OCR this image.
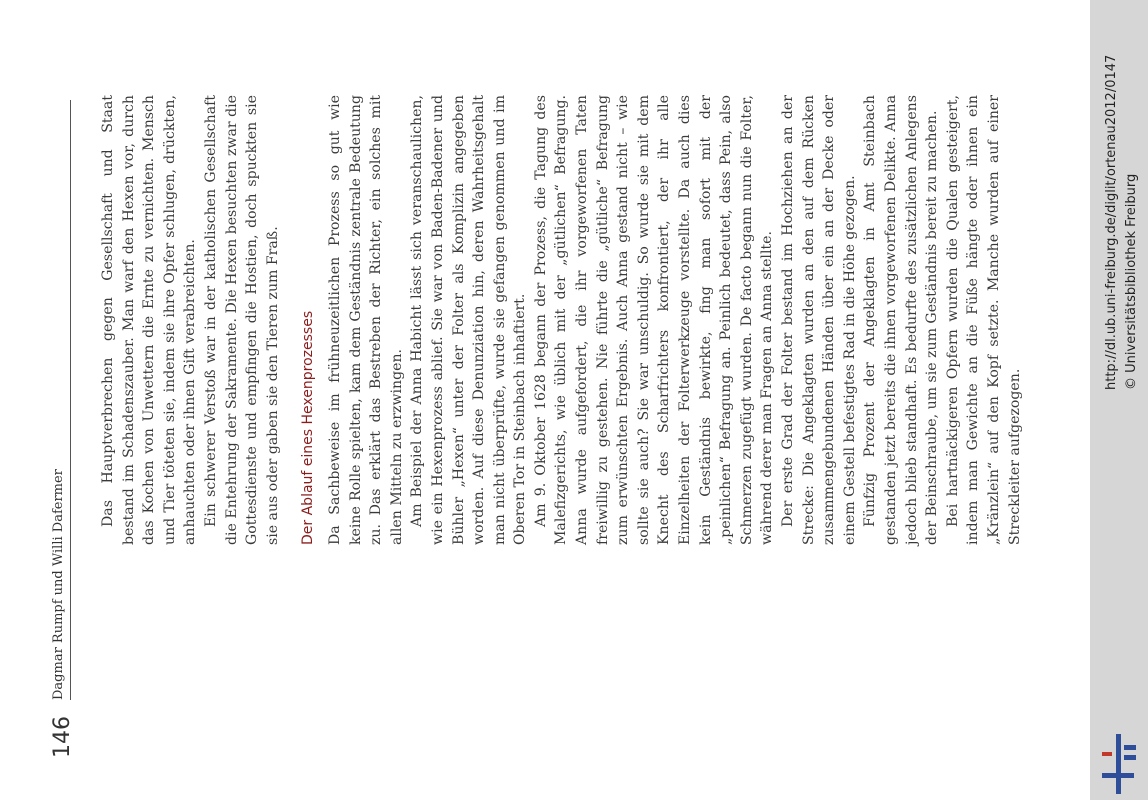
146
Dagmar Rumpf und Willi Dafermer

Das Hauptverbrechen gegen Gesellschaft und Staat bestand im Schadenszauber. Man warf den Hexen vor, durch das Kochen von Unwettern die Ernte zu vernichten. Mensch und Tier töteten sie, indem sie ihre Opfer schlugen, drückten, anhauchten oder ihnen Gift verabreichten. Ein schwerer Verstoß war in der katholischen Gesellschaft die Entehrung der Sakramente. Die Hexen besuchten zwar die Gottesdienste und empfingen die Hostien, doch spuckten sie sie aus oder gaben sie den Tieren zum Fraß. Der Ablauf eines Hexenprozesses Da Sachbeweise im frühneuzeitlichen Prozess so gut wie keine Rolle spielten, kam dem Geständnis zentrale Bedeutung zu. Das erklärt das Bestreben der Richter, ein solches mit allen Mitteln zu erzwingen. Am Beispiel der Anna Habicht lässt sich veranschaulichen, wie ein Hexenprozess ablief. Sie war von Baden-Badener und Bühler „Hexen“ unter der Folter als Komplizin angegeben worden. Auf diese Denunziation hin, deren Wahrheitsgehalt man nicht überprüfte, wurde sie gefangen genommen und im Oberen Tor in Steinbach inhaftiert. Am 9. Oktober 1628 begann der Prozess, die Tagung des Malefizgerichts, wie üblich mit der „gütlichen“ Befragung. Anna wurde aufgefordert, die ihr vorgeworfenen Taten freiwillig zu gestehen. Nie führte die „gütliche“ Befragung zum erwünschten Ergebnis. Auch Anna gestand nicht – wie sollte sie auch? Sie war unschuldig. So wurde sie mit dem Knecht des Scharfrichters konfrontiert, der ihr alle Einzelheiten der Folterwerkzeuge vorstellte. Da auch dies kein Geständnis bewirkte, fing man sofort mit der „peinlichen“ Befragung an. Peinlich bedeutet, dass Pein, also Schmerzen zugefügt wurden. De facto begann nun die Folter, während derer man Fragen an Anna stellte. Der erste Grad der Folter bestand im Hochziehen an der Strecke: Die Angeklagten wurden an den auf dem Rücken zusammengebundenen Händen über ein an der Decke oder einem Gestell befestigtes Rad in die Höhe gezogen. Fünfzig Prozent der Angeklagten in Amt Steinbach gestanden jetzt bereits die ihnen vorgeworfenen Delikte. Anna jedoch blieb standhaft. Es bedurfte des zusätzlichen Anlegens der Beinschraube, um sie zum Geständnis bereit zu machen. Bei hartnäckigeren Opfern wurden die Qualen gesteigert, indem man Gewichte an die Füße hängte oder ihnen ein „Kränzlein“ auf den Kopf setzte. Manche wurden auf einer Streckleiter aufgezogen.

http://dl.ub.uni-freiburg.de/diglit/ortenau2012/0147 © Universitätsbibliothek Freiburg
